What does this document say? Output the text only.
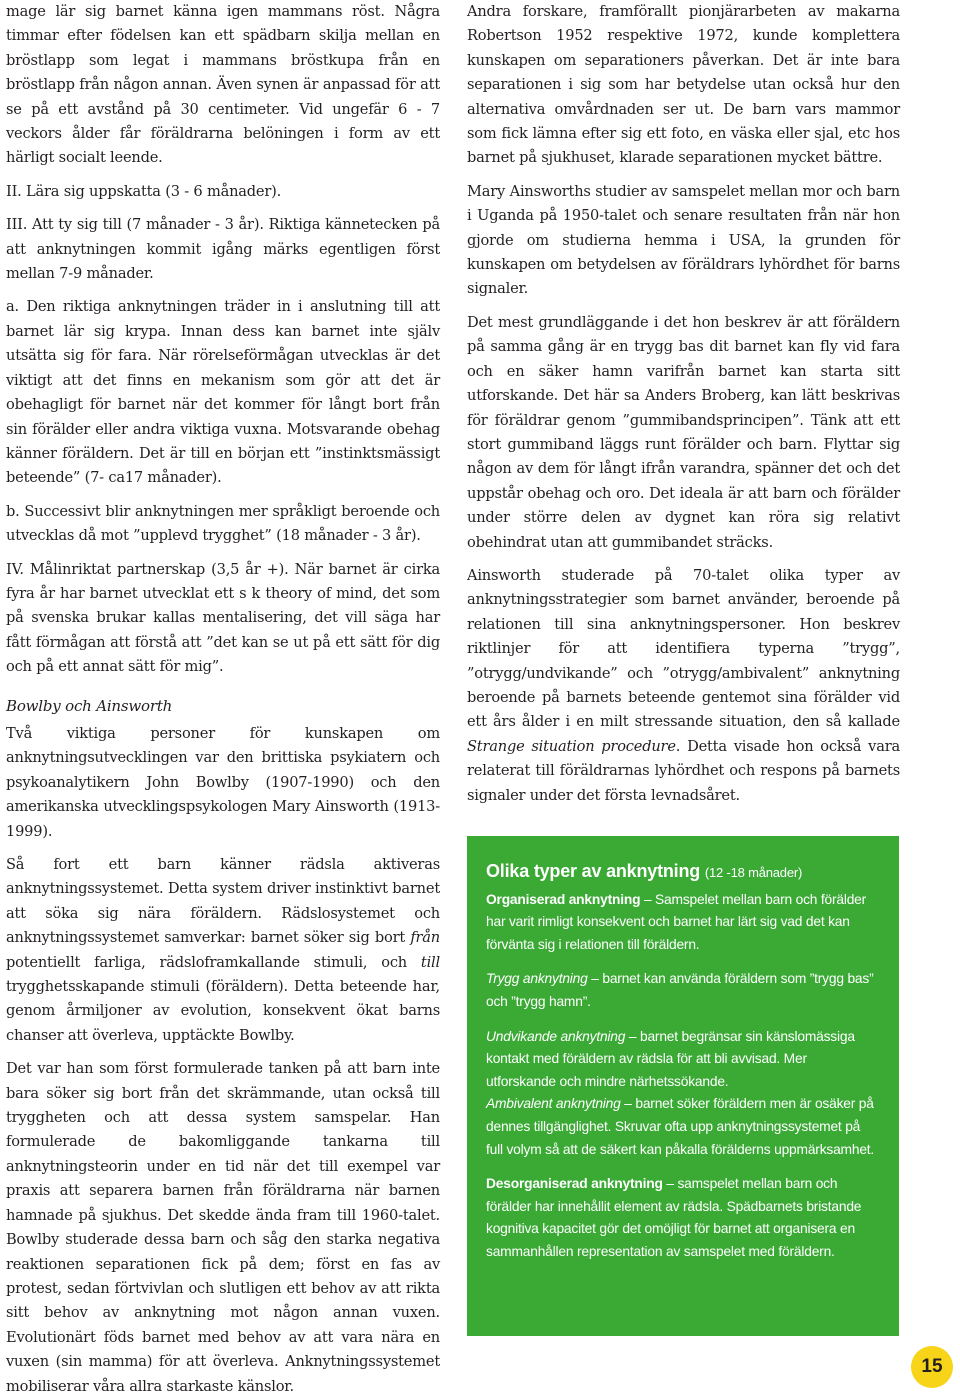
mage lär sig barnet känna igen mammans röst. Några timmar efter födelsen kan ett spädbarn skilja mellan en bröstlapp som legat i mammans bröstkupa från en bröstlapp från någon annan. Även synen är anpassad för att se på ett avstånd på 30 centimeter. Vid ungefär 6 - 7 veckors ålder får föräldrarna belöningen i form av ett härligt socialt leende.

II. Lära sig uppskatta (3 - 6 månader).

III. Att ty sig till (7 månader - 3 år). Riktiga kännetecken på att anknytningen kommit igång märks egentligen först mellan 7-9 månader.

a. Den riktiga anknytningen träder in i anslutning till att barnet lär sig krypa. Innan dess kan barnet inte själv utsätta sig för fara. När rörelseförmågan utvecklas är det viktigt att det finns en mekanism som gör att det är obehagligt för barnet när det kommer för långt bort från sin förälder eller andra viktiga vuxna. Motsvarande obehag känner föräldern. Det är till en början ett ”instinktsmässigt beteende” (7- ca17 månader).

b. Successivt blir anknytningen mer språkligt beroende och utvecklas då mot ”upplevd trygghet” (18 månader - 3 år).

IV. Målinriktat partnerskap (3,5 år +). När barnet är cirka fyra år har barnet utvecklat ett s k theory of mind, det som på svenska brukar kallas mentalisering, det vill säga har fått förmågan att förstå att ”det kan se ut på ett sätt för dig och på ett annat sätt för mig”.

Bowlby och Ainsworth

Två viktiga personer för kunskapen om anknytningsutvecklingen var den brittiska psykiatern och psykoanalytikern John Bowlby (1907-1990) och den amerikanska utvecklingspsykologen Mary Ainsworth (1913-1999).

Så fort ett barn känner rädsla aktiveras anknytningssystemet. Detta system driver instinktivt barnet att söka sig nära föräldern. Rädslosystemet och anknytningssystemet samverkar: barnet söker sig bort från potentiellt farliga, rädsloframkallande stimuli, och till trygghetsskapande stimuli (föräldern). Detta beteende har, genom årmiljoner av evolution, konsekvent ökat barns chanser att överleva, upptäckte Bowlby.

Det var han som först formulerade tanken på att barn inte bara söker sig bort från det skrämmande, utan också till tryggheten och att dessa system samspelar. Han formulerade de bakomliggande tankarna till anknytningsteorin under en tid när det till exempel var praxis att separera barnen från föräldrarna när barnen hamnade på sjukhus. Det skedde ända fram till 1960-talet. Bowlby studerade dessa barn och såg den starka negativa reaktionen separationen fick på dem; först en fas av protest, sedan förtvivlan och slutligen ett behov av att rikta sitt behov av anknytning mot någon annan vuxen. Evolutionärt föds barnet med behov av att vara nära en vuxen (sin mamma) för att överleva. Anknytningssystemet mobiliserar våra allra starkaste känslor.

Andra forskare, framförallt pionjärarbeten av makarna Robertson 1952 respektive 1972, kunde komplettera kunskapen om separationers påverkan. Det är inte bara separationen i sig som har betydelse utan också hur den alternativa omvårdnaden ser ut. De barn vars mammor som fick lämna efter sig ett foto, en väska eller sjal, etc hos barnet på sjukhuset, klarade separationen mycket bättre.

Mary Ainsworths studier av samspelet mellan mor och barn i Uganda på 1950-talet och senare resultaten från när hon gjorde om studierna hemma i USA, la grunden för kunskapen om betydelsen av föräldrars lyhördhet för barns signaler.

Det mest grundläggande i det hon beskrev är att föräldern på samma gång är en trygg bas dit barnet kan fly vid fara och en säker hamn varifrån barnet kan starta sitt utforskande. Det här sa Anders Broberg, kan lätt beskrivas för föräldrar genom ”gummibandsprincipen”. Tänk att ett stort gummiband läggs runt förälder och barn. Flyttar sig någon av dem för långt ifrån varandra, spänner det och det uppstår obehag och oro. Det ideala är att barn och förälder under större delen av dygnet kan röra sig relativt obehindrat utan att gummibandet sträcks.

Ainsworth studerade på 70-talet olika typer av anknytningsstrategier som barnet använder, beroende på relationen till sina anknytningspersoner. Hon beskrev riktlinjer för att identifiera typerna ”trygg”, ”otrygg/undvikande” och ”otrygg/ambivalent” anknytning beroende på barnets beteende gentemot sina förälder vid ett års ålder i en milt stressande situation, den så kallade Strange situation procedure. Detta visade hon också vara relaterat till föräldrarnas lyhördhet och respons på barnets signaler under det första levnadsåret.

Olika typer av anknytning (12 -18 månader)

Organiserad anknytning – Samspelet mellan barn och förälder har varit rimligt konsekvent och barnet har lärt sig vad det kan förvänta sig i relationen till föräldern.

Trygg anknytning – barnet kan använda föräldern som ”trygg bas” och ”trygg hamn”.

Undvikande anknytning – barnet begränsar sin känslomässiga kontakt med föräldern av rädsla för att bli avvisad. Mer utforskande och mindre närhetssökande.

Ambivalent anknytning – barnet söker föräldern men är osäker på dennes tillgänglighet. Skruvar ofta upp anknytningssystemet på full volym så att de säkert kan påkalla förälderns uppmärksamhet.

Desorganiserad anknytning – samspelet mellan barn och förälder har innehållit element av rädsla. Spädbarnets bristande kognitiva kapacitet gör det omöjligt för barnet att organisera en sammanhållen representation av samspelet med föräldern.

15
